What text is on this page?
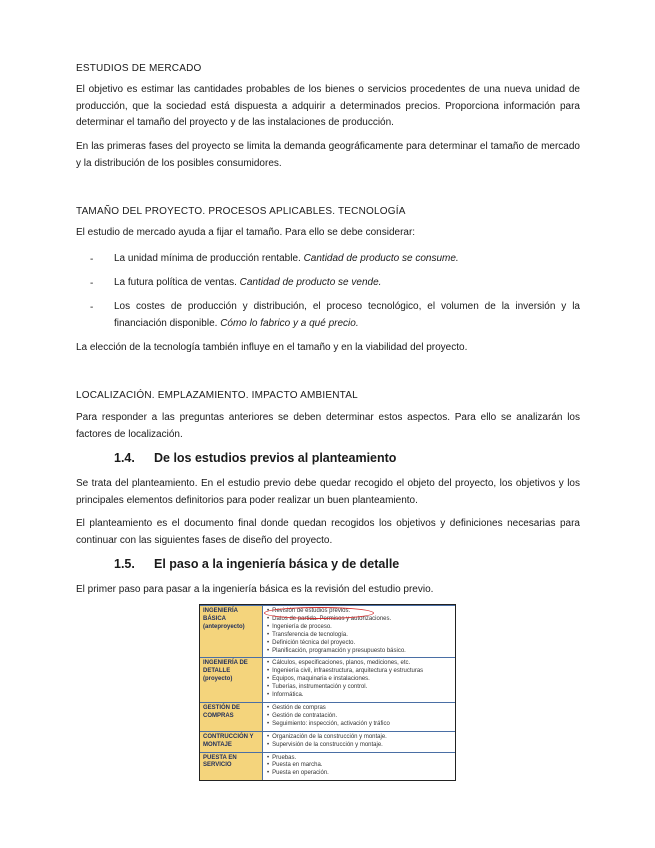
ESTUDIOS DE MERCADO
El objetivo es estimar las cantidades probables de los bienes o servicios procedentes de una nueva unidad de producción, que la sociedad está dispuesta a adquirir a determinados precios. Proporciona información para determinar el tamaño del proyecto y de las instalaciones de producción.
En las primeras fases del proyecto se limita la demanda geográficamente para determinar el tamaño de mercado y la distribución de los posibles consumidores.
TAMAÑO DEL PROYECTO. PROCESOS APLICABLES. TECNOLOGÍA
El estudio de mercado ayuda a fijar el tamaño. Para ello se debe considerar:
- La unidad mínima de producción rentable. Cantidad de producto se consume.
- La futura política de ventas. Cantidad de producto se vende.
- Los costes de producción y distribución, el proceso tecnológico, el volumen de la inversión y la financiación disponible. Cómo lo fabrico y a qué precio.
La elección de la tecnología también influye en el tamaño y en la viabilidad del proyecto.
LOCALIZACIÓN. EMPLAZAMIENTO. IMPACTO AMBIENTAL
Para responder a las preguntas anteriores se deben determinar estos aspectos. Para ello se analizarán los factores de localización.
1.4. De los estudios previos al planteamiento
Se trata del planteamiento. En el estudio previo debe quedar recogido el objeto del proyecto, los objetivos y los principales elementos definitorios para poder realizar un buen planteamiento.
El planteamiento es el documento final donde quedan recogidos los objetivos y definiciones necesarias para continuar con las siguientes fases de diseño del proyecto.
1.5. El paso a la ingeniería básica y de detalle
El primer paso para pasar a la ingeniería básica es la revisión del estudio previo.
INGENIERÍA BÁSICA (anteproyecto)
• Revisión de estudios previos.
• Datos de partida. Permisos y autorizaciones.
• Ingeniería de proceso.
• Transferencia de tecnología.
• Definición técnica del proyecto.
• Planificación, programación y presupuesto básico.
INGENIERÍA DE DETALLE (proyecto)
• Cálculos, especificaciones, planos, mediciones, etc.
• Ingeniería civil, infraestructura, arquitectura y estructuras
• Equipos, maquinaria e instalaciones.
• Tuberías, instrumentación y control.
• Informática.
GESTIÓN DE COMPRAS
• Gestión de compras
• Gestión de contratación.
• Seguimiento: inspección, activación y tráfico
CONTRUCCIÓN Y MONTAJE
• Organización de la construcción y montaje.
• Supervisión de la construcción y montaje.
PUESTA EN SERVICIO
• Pruebas.
• Puesta en marcha.
• Puesta en operación.
